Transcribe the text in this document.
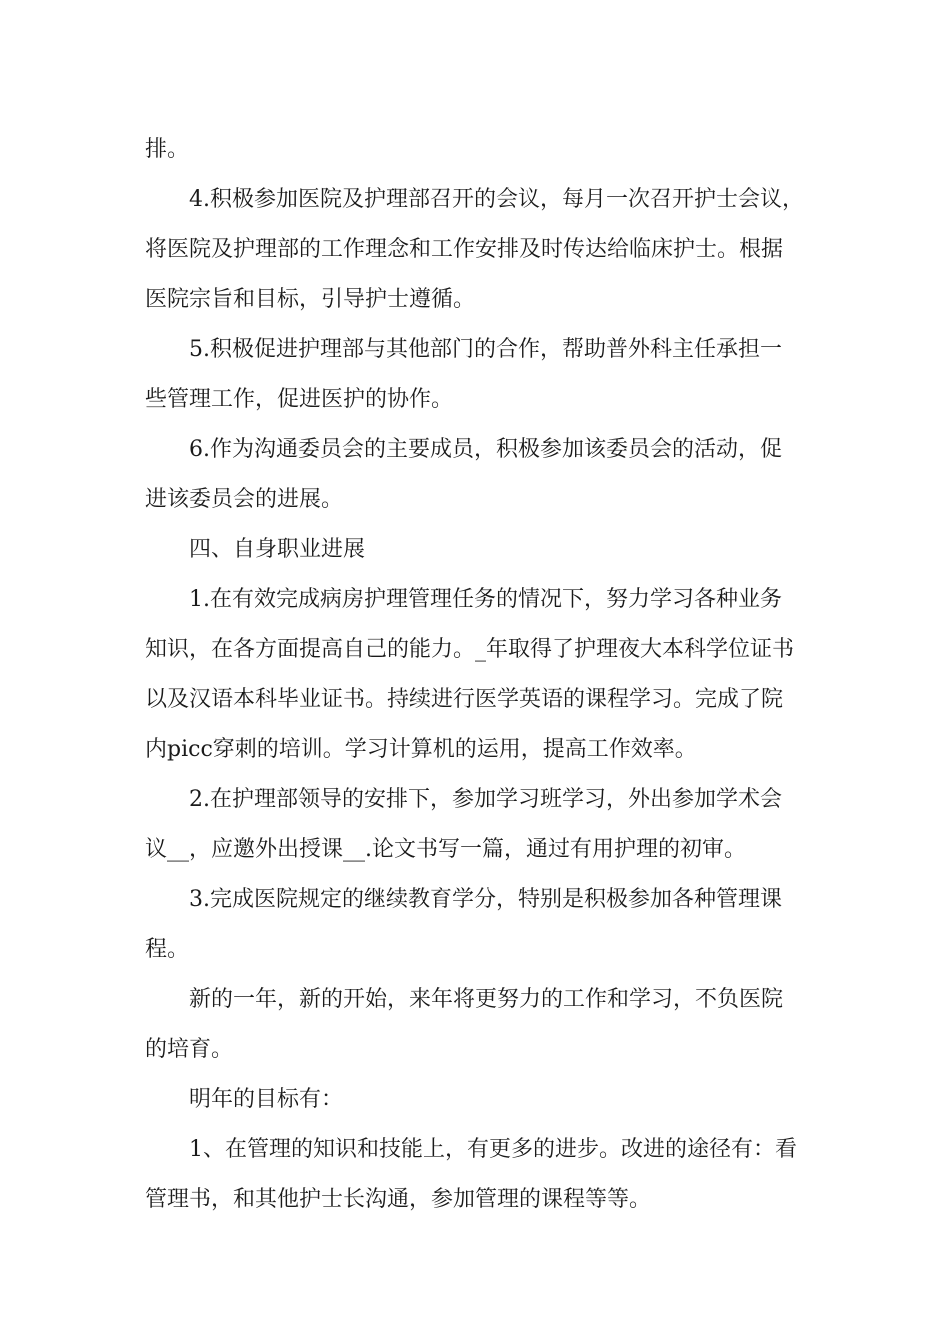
排。
4.积极参加医院及护理部召开的会议，每月一次召开护士会议，
将医院及护理部的工作理念和工作安排及时传达给临床护士。根据
医院宗旨和目标，引导护士遵循。
5.积极促进护理部与其他部门的合作，帮助普外科主任承担一
些管理工作，促进医护的协作。
6.作为沟通委员会的主要成员，积极参加该委员会的活动，促
进该委员会的进展。
四、自身职业进展
1.在有效完成病房护理管理任务的情况下，努力学习各种业务
知识，在各方面提高自己的能力。_年取得了护理夜大本科学位证书
以及汉语本科毕业证书。持续进行医学英语的课程学习。完成了院
内picc穿刺的培训。学习计算机的运用，提高工作效率。
2.在护理部领导的安排下，参加学习班学习，外出参加学术会
议__，应邀外出授课__.论文书写一篇，通过有用护理的初审。
3.完成医院规定的继续教育学分，特别是积极参加各种管理课
程。
新的一年，新的开始，来年将更努力的工作和学习，不负医院
的培育。
明年的目标有：
1、在管理的知识和技能上，有更多的进步。改进的途径有：看
管理书，和其他护士长沟通，参加管理的课程等等。
